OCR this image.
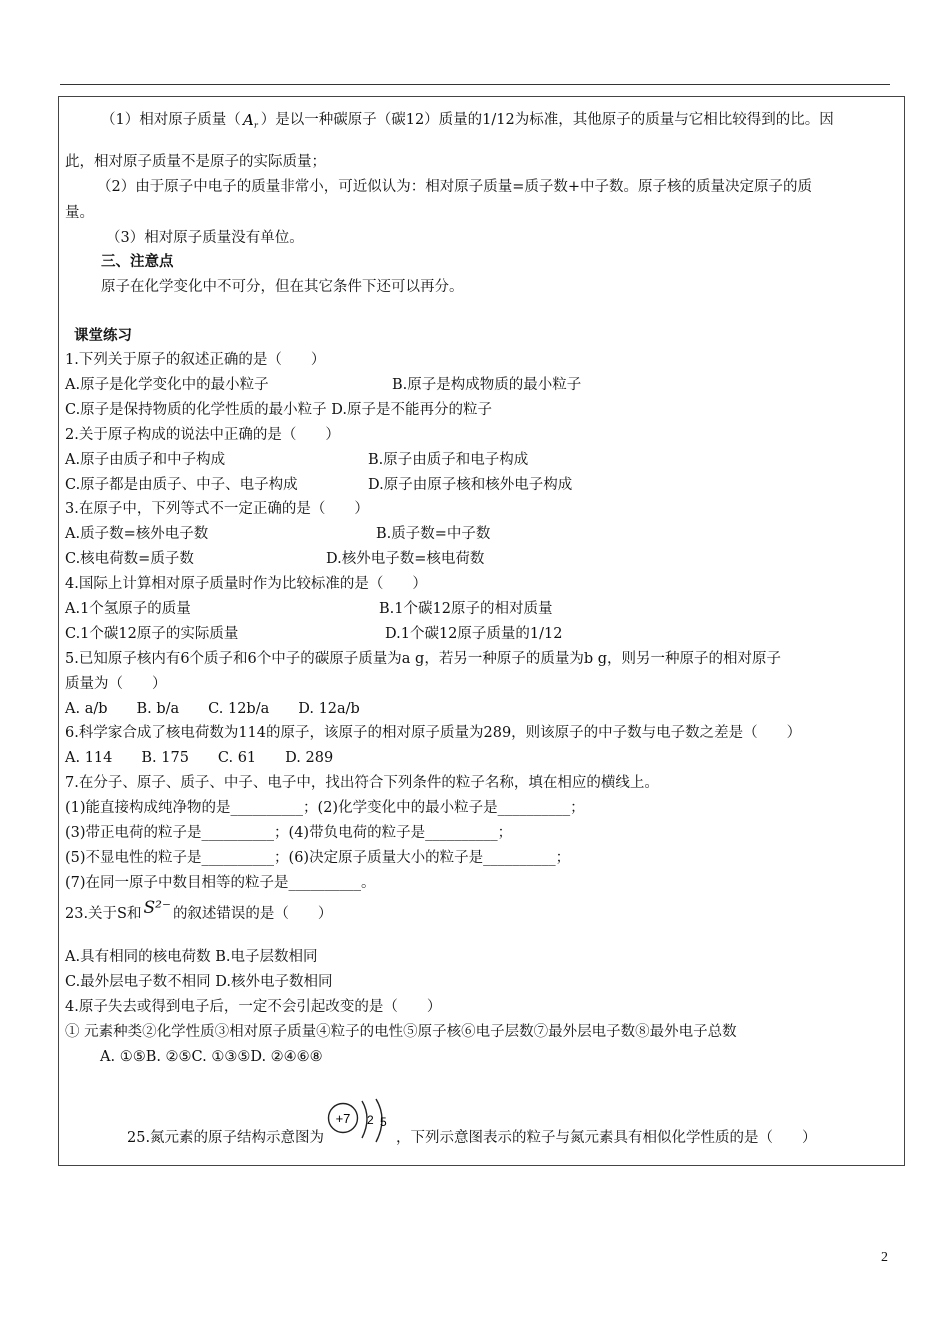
（1）相对原子质量（ A r ）是以一种碳原子（碳12）质量的1/12为标准，其他原子的质量与它相比较得到的比。因
此，相对原子质量不是原子的实际质量；
（2）由于原子中电子的质量非常小，可近似认为：相对原子质量=质子数+中子数。原子核的质量决定原子的质
量。
（3）相对原子质量没有单位。
三、注意点
原子在化学变化中不可分，但在其它条件下还可以再分。
课堂练习
1.下列关于原子的叙述正确的是（　　）
A.原子是化学变化中的最小粒子	B.原子是构成物质的最小粒子
C.原子是保持物质的化学性质的最小粒子 D.原子是不能再分的粒子
2.关于原子构成的说法中正确的是（　　）
A.原子由质子和中子构成	B.原子由质子和电子构成
C.原子都是由质子、中子、电子构成	D.原子由原子核和核外电子构成
3.在原子中，下列等式不一定正确的是（　　）
A.质子数=核外电子数	B.质子数=中子数
C.核电荷数=质子数	D.核外电子数=核电荷数
4.国际上计算相对原子质量时作为比较标准的是（　　）
A.1个氢原子的质量	B.1个碳12原子的相对质量
C.1个碳12原子的实际质量	D.1个碳12原子质量的1/12
5.已知原子核内有6个质子和6个中子的碳原子质量为a g，若另一种原子的质量为b g，则另一种原子的相对原子
质量为（　　）
A. a/b　　B. b/a　　C. 12b/a　　D. 12a/b
6.科学家合成了核电荷数为114的原子，该原子的相对原子质量为289，则该原子的中子数与电子数之差是（　　）
A. 114　　B. 175　　C. 61　　D. 289
7.在分子、原子、质子、中子、电子中，找出符合下列条件的粒子名称，填在相应的横线上。
(1)能直接构成纯净物的是__________；(2)化学变化中的最小粒子是__________；
(3)带正电荷的粒子是__________；(4)带负电荷的粒子是__________；
(5)不显电性的粒子是__________；(6)决定原子质量大小的粒子是__________；
(7)在同一原子中数目相等的粒子是__________。
23.关于S和 S²⁻ 的叙述错误的是（　　）
A.具有相同的核电荷数 B.电子层数相同
C.最外层电子数不相同 D.核外电子数相同
4.原子失去或得到电子后，一定不会引起改变的是（　　）
① 元素种类②化学性质③相对原子质量④粒子的电性⑤原子核⑥电子层数⑦最外层电子数⑧最外电子总数
A. ①⑤B. ②⑤C. ①③⑤D. ②④⑥⑧
25.氮元素的原子结构示意图为
+7 2 5
，下列示意图表示的粒子与氮元素具有相似化学性质的是（　　）
2
